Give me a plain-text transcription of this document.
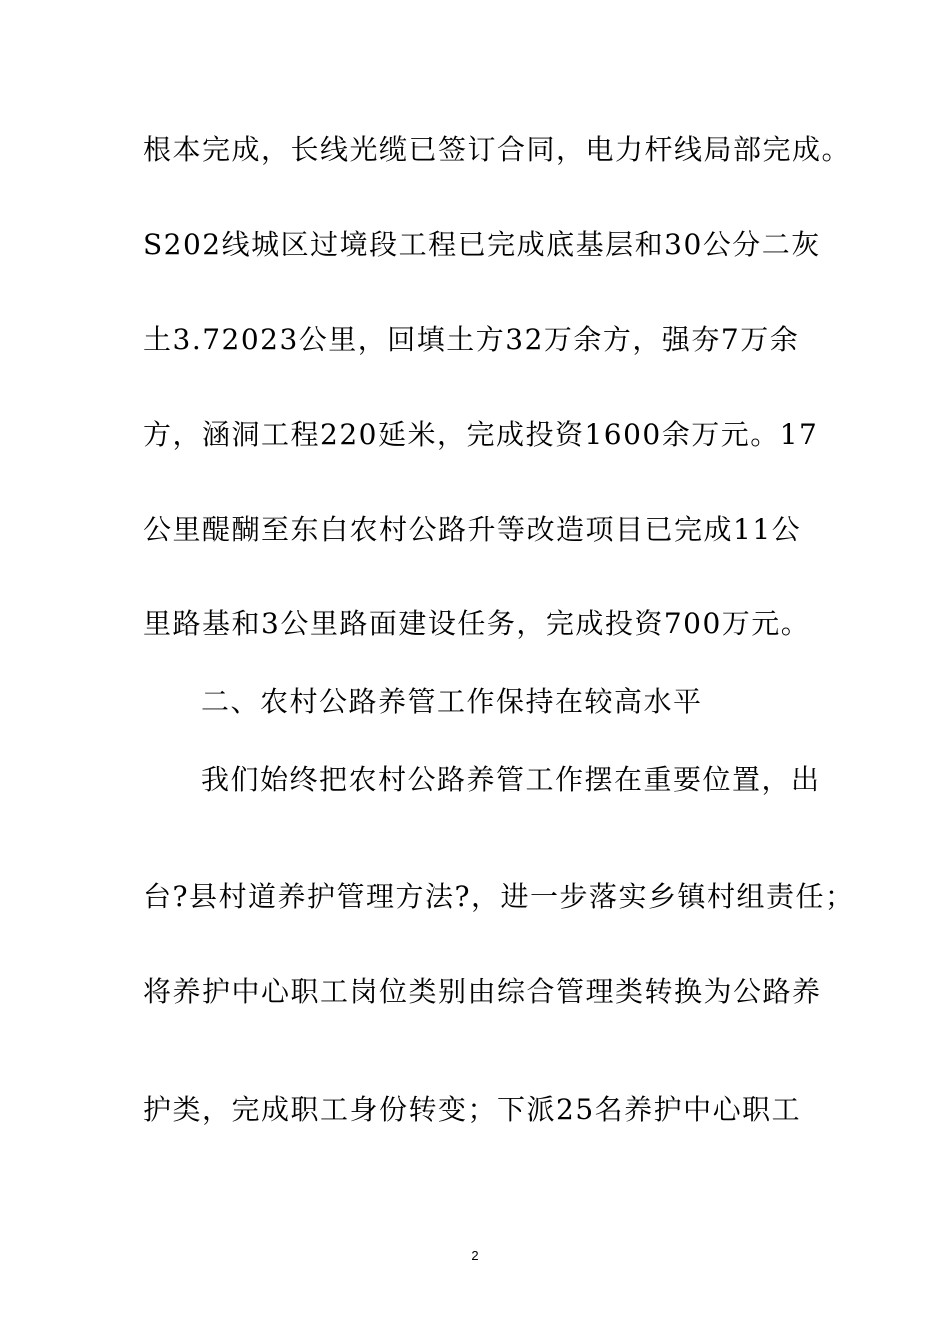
根本完成，长线光缆已签订合同，电力杆线局部完成。
S202线城区过境段工程已完成底基层和30公分二灰
土3.72023公里，回填土方32万余方，强夯7万余
方，涵洞工程220延米，完成投资1600余万元。17
公里醍醐至东白农村公路升等改造项目已完成11公
里路基和3公里路面建设任务，完成投资700万元。
二、农村公路养管工作保持在较高水平
我们始终把农村公路养管工作摆在重要位置，出
台?县村道养护管理方法?，进一步落实乡镇村组责任；
将养护中心职工岗位类别由综合管理类转换为公路养
护类，完成职工身份转变；下派25名养护中心职工
2
